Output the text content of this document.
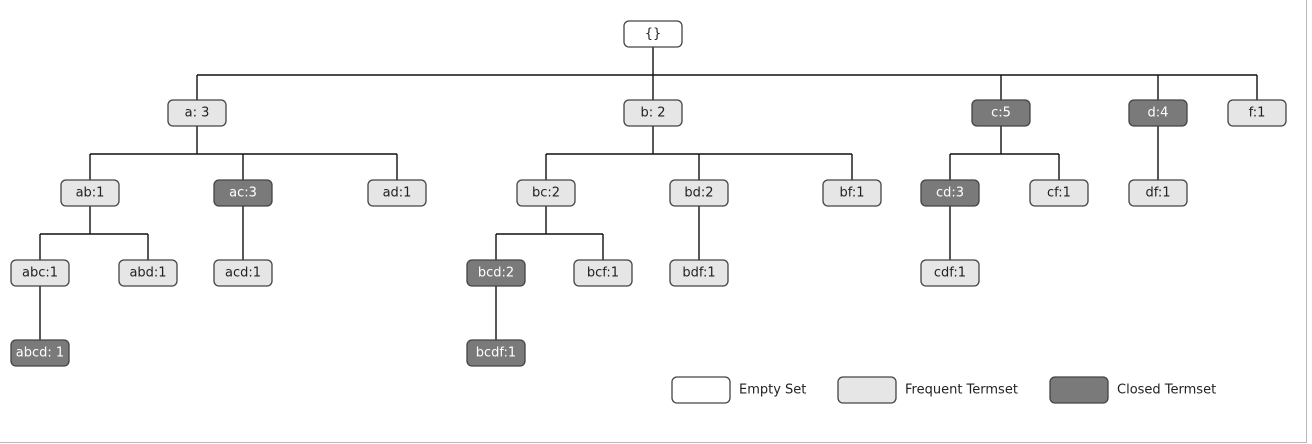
{}
a: 3	b: 2	c:5	d:4	f:1
ab:1	ac:3	ad:1	bc:2	bd:2	bf:1	cd:3	cf:1	df:1
abc:1	abd:1	acd:1	bcd:2	bcf:1	bdf:1	cdf:1
abcd: 1	bcdf:1
Empty Set	Frequent Termset	Closed Termset
